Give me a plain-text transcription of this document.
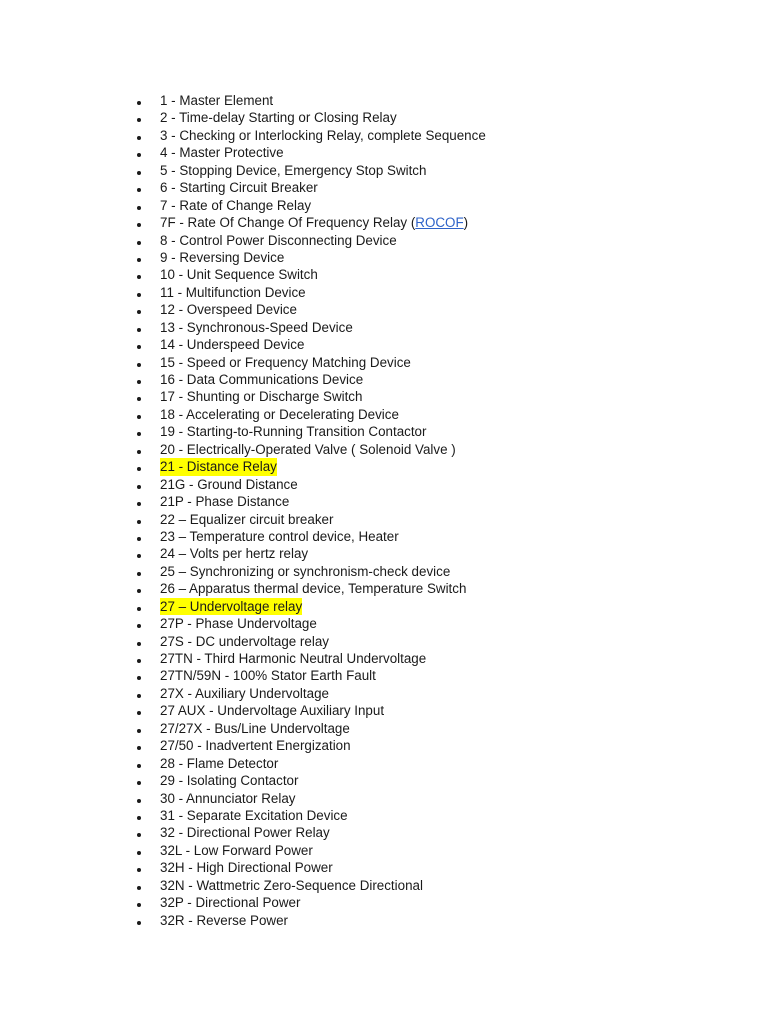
1 - Master Element
2 - Time-delay Starting or Closing Relay
3 - Checking or Interlocking Relay, complete Sequence
4 - Master Protective
5 - Stopping Device, Emergency Stop Switch
6 - Starting Circuit Breaker
7 - Rate of Change Relay
7F - Rate Of Change Of Frequency Relay (ROCOF)
8 - Control Power Disconnecting Device
9 - Reversing Device
10 - Unit Sequence Switch
11 - Multifunction Device
12 - Overspeed Device
13 - Synchronous-Speed Device
14 - Underspeed Device
15 - Speed or Frequency Matching Device
16 - Data Communications Device
17 - Shunting or Discharge Switch
18 - Accelerating or Decelerating Device
19 - Starting-to-Running Transition Contactor
20 - Electrically-Operated Valve ( Solenoid Valve )
21 - Distance Relay
21G - Ground Distance
21P - Phase Distance
22 – Equalizer circuit breaker
23 – Temperature control device, Heater
24 – Volts per hertz relay
25 – Synchronizing or synchronism-check device
26 – Apparatus thermal device, Temperature Switch
27 – Undervoltage relay
27P - Phase Undervoltage
27S - DC undervoltage relay
27TN - Third Harmonic Neutral Undervoltage
27TN/59N - 100% Stator Earth Fault
27X - Auxiliary Undervoltage
27 AUX - Undervoltage Auxiliary Input
27/27X - Bus/Line Undervoltage
27/50 - Inadvertent Energization
28 - Flame Detector
29 - Isolating Contactor
30 - Annunciator Relay
31 - Separate Excitation Device
32 - Directional Power Relay
32L - Low Forward Power
32H - High Directional Power
32N - Wattmetric Zero-Sequence Directional
32P - Directional Power
32R - Reverse Power
